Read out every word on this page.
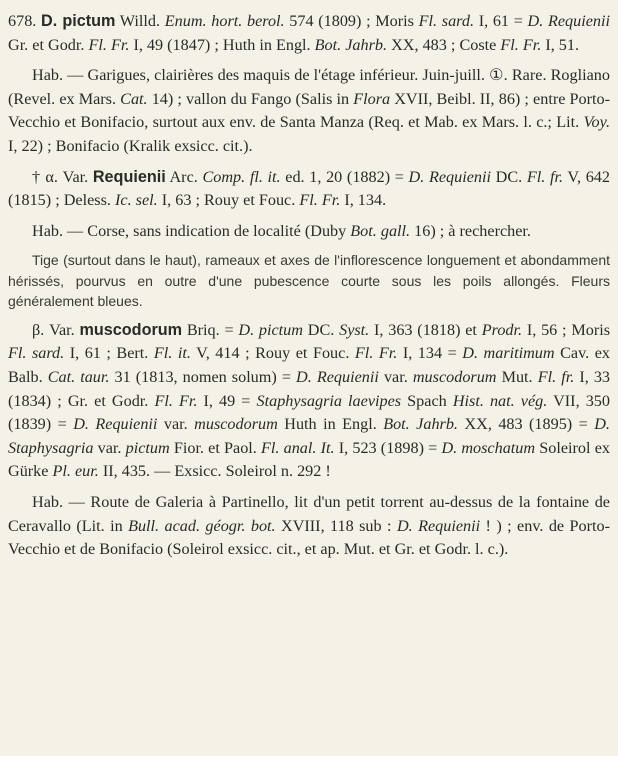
678. D. pictum Willd. Enum. hort. berol. 574 (1809) ; Moris Fl. sard. I, 61 = D. Requienii Gr. et Godr. Fl. Fr. I, 49 (1847) ; Huth in Engl. Bot. Jahrb. XX, 483 ; Coste Fl. Fr. I, 51.

Hab. — Garigues, clairières des maquis de l'étage inférieur. Juin-juill. ①. Rare. Rogliano (Revel. ex Mars. Cat. 14) ; vallon du Fango (Salis in Flora XVII, Beibl. II, 86) ; entre Porto-Vecchio et Bonifacio, surtout aux env. de Santa Manza (Req. et Mab. ex Mars. l. c.; Lit. Voy. I, 22) ; Bonifacio (Kralik exsicc. cit.).

† α. Var. Requienii Arc. Comp. fl. it. ed. 1, 20 (1882) = D. Requienii DC. Fl. fr. V, 642 (1815) ; Deless. Ic. sel. I, 63 ; Rouy et Fouc. Fl. Fr. I, 134.

Hab. — Corse, sans indication de localité (Duby Bot. gall. 16) ; à rechercher.

Tige (surtout dans le haut), rameaux et axes de l'inflorescence longuement et abondamment hérissés, pourvus en outre d'une pubescence courte sous les poils allongés. Fleurs généralement bleues.

β. Var. muscodorum Briq. = D. pictum DC. Syst. I, 363 (1818) et Prodr. I, 56 ; Moris Fl. sard. I, 61 ; Bert. Fl. it. V, 414 ; Rouy et Fouc. Fl. Fr. I, 134 = D. maritimum Cav. ex Balb. Cat. taur. 31 (1813, nomen solum) = D. Requienii var. muscodorum Mut. Fl. fr. I, 33 (1834) ; Gr. et Godr. Fl. Fr. I, 49 = Staphysagria laevipes Spach Hist. nat. vég. VII, 350 (1839) = D. Requienii var. muscodorum Huth in Engl. Bot. Jahrb. XX, 483 (1895) = D. Staphysagria var. pictum Fior. et Paol. Fl. anal. It. I, 523 (1898) = D. moschatum Soleirol ex Gürke Pl. eur. II, 435. — Exsicc. Soleirol n. 292 !

Hab. — Route de Galeria à Partinello, lit d'un petit torrent au-dessus de la fontaine de Ceravallo (Lit. in Bull. acad. géogr. bot. XVIII, 118 sub : D. Requienii ! ) ; env. de Porto-Vecchio et de Bonifacio (Soleirol exsicc. cit., et ap. Mut. et Gr. et Godr. l. c.).
